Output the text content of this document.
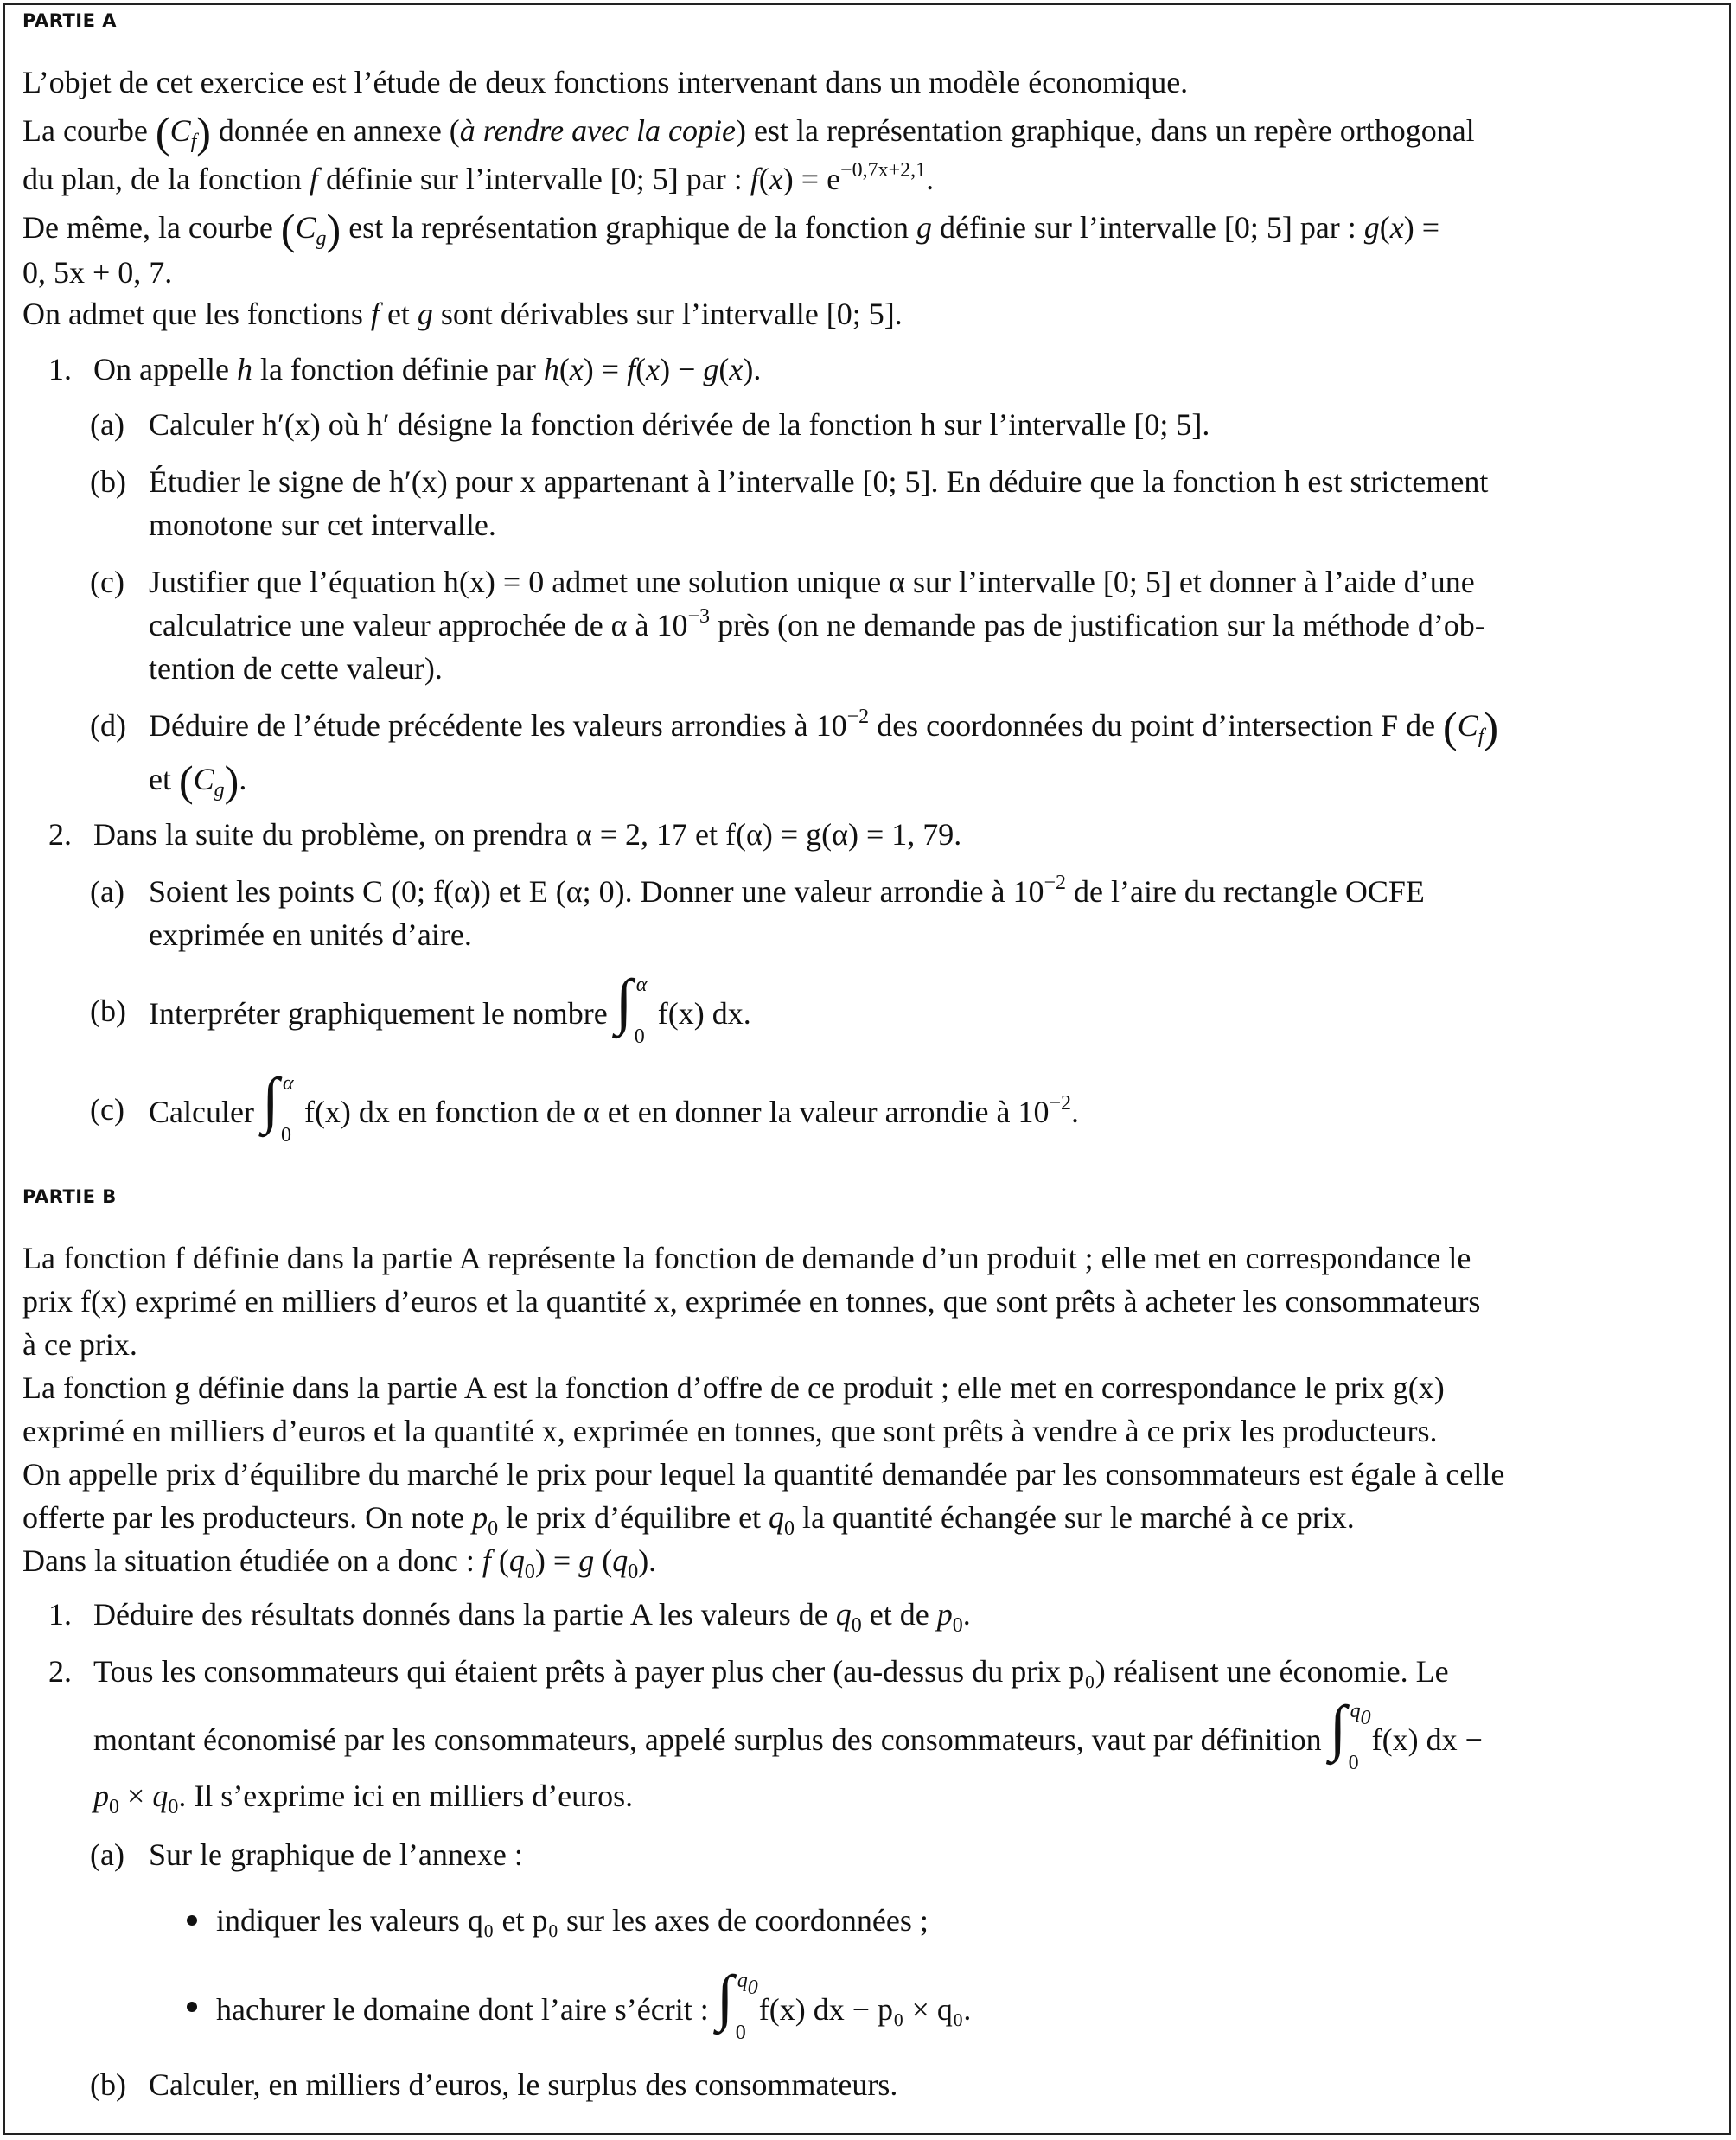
PARTIE A

L’objet de cet exercice est l’étude de deux fonctions intervenant dans un modèle économique.

La courbe $(C_f)$ donnée en annexe (à rendre avec la copie) est la représentation graphique, dans un repère orthogonal

du plan, de la fonction f définie sur l’intervalle [0; 5] par : $f(x) = e^{-0,7x+2,1}$.

De même, la courbe $(C_g)$ est la représentation graphique de la fonction g définie sur l’intervalle [0; 5] par : g(x) =

0, 5x + 0, 7.

On admet que les fonctions f et g sont dérivables sur l’intervalle [0; 5].

1. On appelle h la fonction définie par h(x) = f(x) − g(x).

(a) Calculer h′(x) où h′ désigne la fonction dérivée de la fonction h sur l’intervalle [0; 5].

(b) Étudier le signe de h′(x) pour x appartenant à l’intervalle [0; 5]. En déduire que la fonction h est strictement

monotone sur cet intervalle.

(c) Justifier que l’équation h(x) = 0 admet une solution unique α sur l’intervalle [0; 5] et donner à l’aide d’une

calculatrice une valeur approchée de α à $10^{-3}$ près (on ne demande pas de justification sur la méthode d’ob-

tention de cette valeur).

(d) Déduire de l’étude précédente les valeurs arrondies à $10^{-2}$ des coordonnées du point d’intersection F de $(C_f)$

et $(C_g)$.

2. Dans la suite du problème, on prendra α = 2, 17 et f(α) = g(α) = 1, 79.

(a) Soient les points C (0; f(α)) et E (α; 0). Donner une valeur arrondie à $10^{-2}$ de l’aire du rectangle OCFE

exprimée en unités d’aire.

(b) Interpréter graphiquement le nombre ∫ α
0
f(x) dx.

(c) Calculer ∫ α
0
f(x) dx en fonction de α et en donner la valeur arrondie à $10^{-2}$.

PARTIE B

La fonction f définie dans la partie A représente la fonction de demande d’un produit ; elle met en correspondance le

prix f(x) exprimé en milliers d’euros et la quantité x, exprimée en tonnes, que sont prêts à acheter les consommateurs

à ce prix.

La fonction g définie dans la partie A est la fonction d’offre de ce produit ; elle met en correspondance le prix g(x)

exprimé en milliers d’euros et la quantité x, exprimée en tonnes, que sont prêts à vendre à ce prix les producteurs.

On appelle prix d’équilibre du marché le prix pour lequel la quantité demandée par les consommateurs est égale à celle

offerte par les producteurs. On note $p_0$ le prix d’équilibre et $q_0$ la quantité échangée sur le marché à ce prix.

Dans la situation étudiée on a donc : f $(q_0) = g$ $(q_0)$.

1. Déduire des résultats donnés dans la partie A les valeurs de $q_0$ et de $p_0$.

2. Tous les consommateurs qui étaient prêts à payer plus cher (au-dessus du prix p₀) réalisent une économie. Le

montant économisé par les consommateurs, appelé surplus des consommateurs, vaut par définition ∫ $q_0$
0
f(x) dx −

$p_0 \times q_0$. Il s’exprime ici en milliers d’euros.

(a) Sur le graphique de l’annexe :

indiquer les valeurs q₀ et p₀ sur les axes de coordonnées ;

hachurer le domaine dont l’aire s’écrit : ∫ $q_0$
0
f(x) dx − p₀ × q₀.

(b) Calculer, en milliers d’euros, le surplus des consommateurs.
